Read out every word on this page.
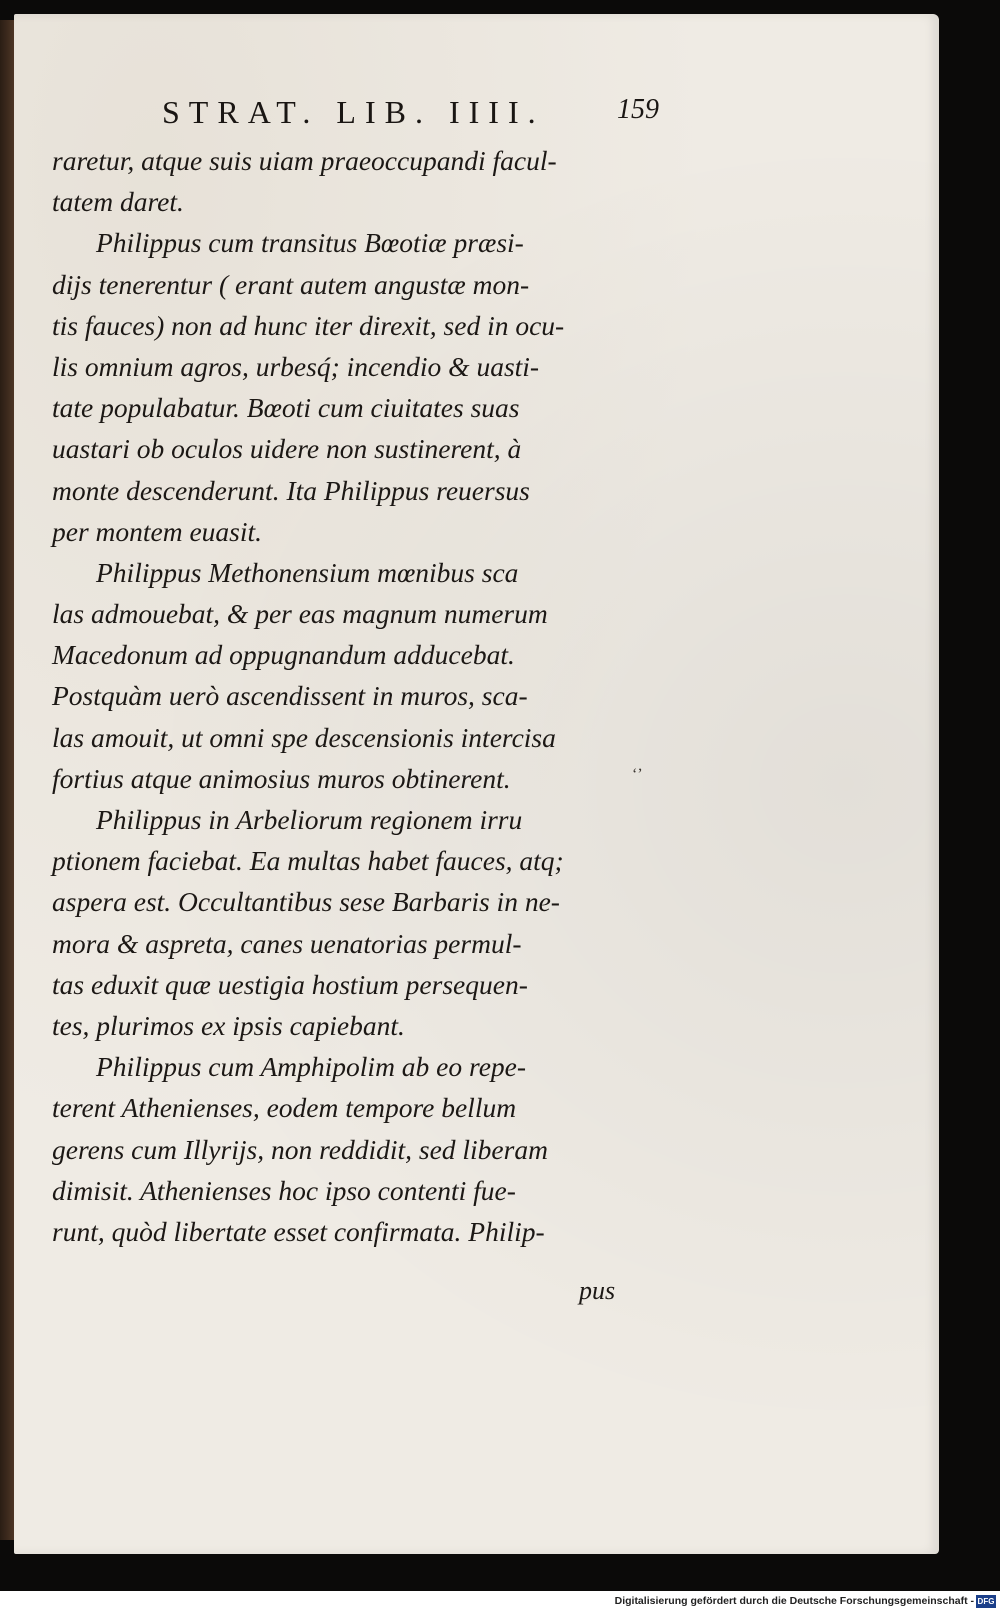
STRAT. LIB. IIII.	159
raretur, atque suis uiam praeoccupandi facul-
tatem daret.
Philippus cum transitus Bœotiæ præsi-
dijs tenerentur ( erant autem angustæ mon-
tis fauces) non ad hunc iter direxit, sed in ocu-
lis omnium agros, urbesq́; incendio & uasti-
tate populabatur. Bœoti cum ciuitates suas
uastari ob oculos uidere non sustinerent, à
monte descenderunt. Ita Philippus reuersus
per montem euasit.
Philippus Methonensium mœnibus sca
las admouebat, & per eas magnum numerum
Macedonum ad oppugnandum adducebat.
Postquàm uerò ascendissent in muros, sca-
las amouit, ut omni spe descensionis intercisa
fortius atque animosius muros obtinerent.
Philippus in Arbeliorum regionem irru
ptionem faciebat. Ea multas habet fauces, atq;
aspera est. Occultantibus sese Barbaris in ne-
mora & aspreta, canes uenatorias permul-
tas eduxit quæ uestigia hostium persequen-
tes, plurimos ex ipsis capiebant.
Philippus cum Amphipolim ab eo repe-
terent Athenienses, eodem tempore bellum
gerens cum Illyrijs, non reddidit, sed liberam
dimisit. Athenienses hoc ipso contenti fue-
runt, quòd libertate esset confirmata. Philip-
‘’
pus
Digitalisierung gefördert durch die Deutsche Forschungsgemeinschaft - DFG
